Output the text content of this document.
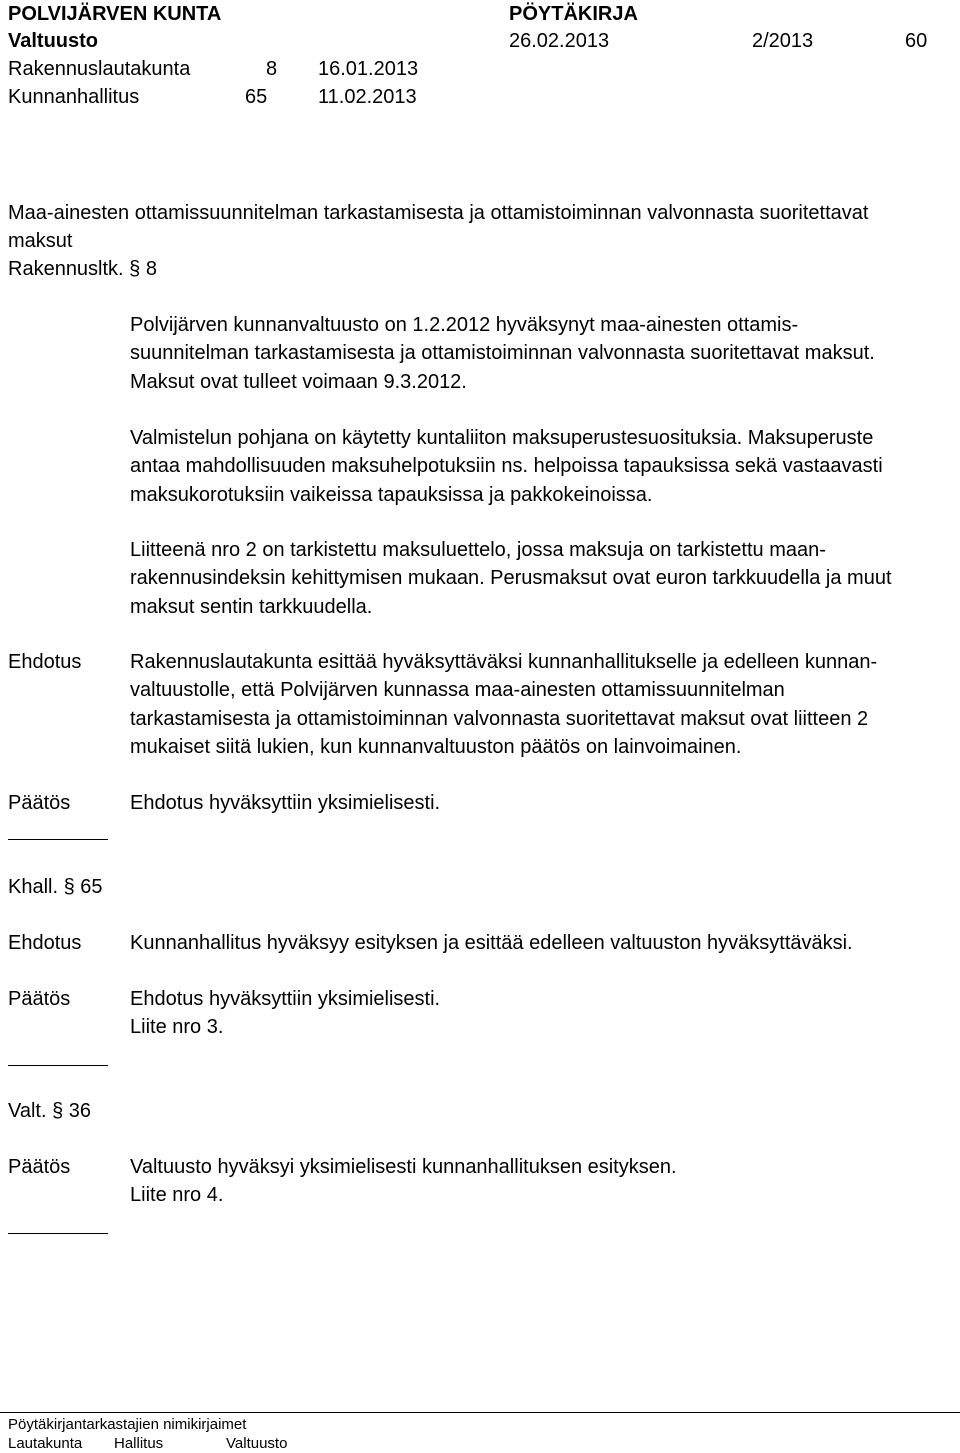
POLVIJÄRVEN KUNTA	PÖYTÄKIRJA
Valtuusto	26.02.2013	2/2013	60
Rakennuslautakunta	8 16.01.2013
Kunnanhallitus	65	11.02.2013
Maa-ainesten ottamissuunnitelman tarkastamisesta ja ottamistoiminnan valvonnasta suoritettavat
maksut
Rakennusltk. § 8

Polvijärven kunnanvaltuusto on 1.2.2012 hyväksynyt maa-ainesten ottamis-

suunnitelman tarkastamisesta ja ottamistoiminnan valvonnasta suoritettavat maksut.

Maksut ovat tulleet voimaan 9.3.2012.

Valmistelun pohjana on käytetty kuntaliiton maksuperustesuosituksia. Maksuperuste

antaa mahdollisuuden maksuhelpotuksiin ns. helpoissa tapauksissa sekä vastaavasti

maksukorotuksiin vaikeissa tapauksissa ja pakkokeinoissa.

Liitteenä nro 2 on tarkistettu maksuluettelo, jossa maksuja on tarkistettu maan-

rakennusindeksin kehittymisen mukaan. Perusmaksut ovat euron tarkkuudella ja muut

maksut sentin tarkkuudella.

Ehdotus Rakennuslautakunta esittää hyväksyttäväksi kunnanhallitukselle ja edelleen kunnan-

valtuustolle, että Polvijärven kunnassa maa-ainesten ottamissuunnitelman

tarkastamisesta ja ottamistoiminnan valvonnasta suoritettavat maksut ovat liitteen 2

mukaiset siitä lukien, kun kunnanvaltuuston päätös on lainvoimainen.

Päätös	Ehdotus hyväksyttiin yksimielisesti.

Khall. § 65
Ehdotus Kunnanhallitus hyväksyy esityksen ja esittää edelleen valtuuston hyväksyttäväksi.

Päätös	Ehdotus hyväksyttiin yksimielisesti.

Liite nro 3.

Valt. § 36
Päätös	Valtuusto hyväksyi yksimielisesti kunnanhallituksen esityksen.

Liite nro 4.

Pöytäkirjantarkastajien nimikirjaimet
Lautakunta Hallitus	Valtuusto
